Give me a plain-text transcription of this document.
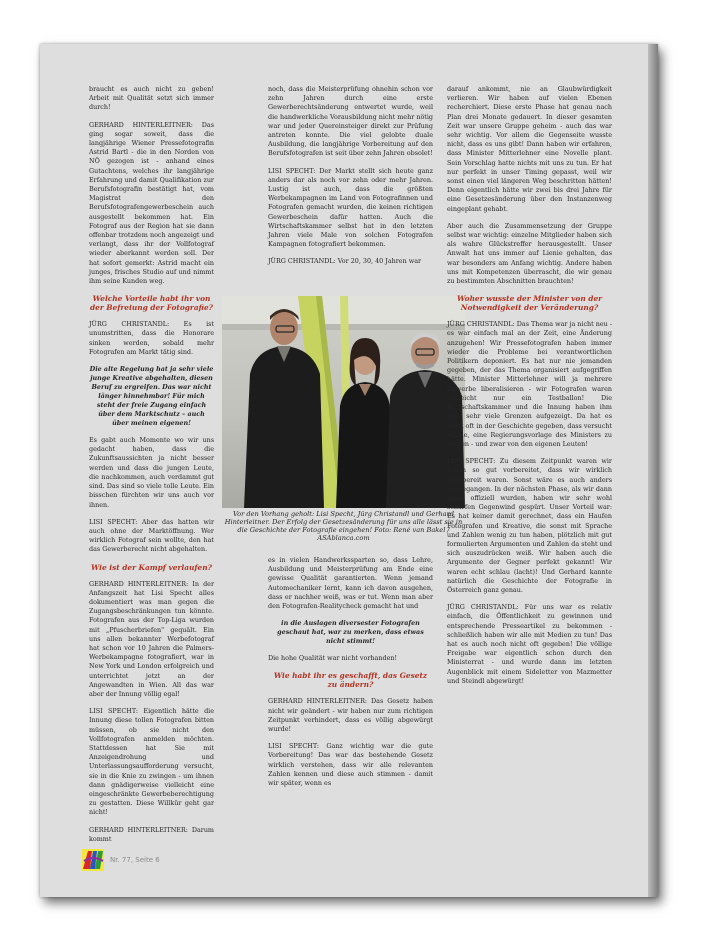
braucht es auch nicht zu geben! Arbeit mit Qualität setzt sich immer durch!

GERHARD HINTERLEITNER: Das ging sogar soweit, dass die langjährige Wiener Pressefotografin Astrid Bartl - die in den Norden von NÖ gezogen ist - anhand eines Gutachtens, welches ihr langjährige Erfahrung und damit Qualifikation zur Berufsfotografin bestätigt hat, vom Magistrat den Berufsfotografengewerbeschein auch ausgestellt bekommen hat. Ein Fotograf aus der Region hat sie dann offenbar trotzdem noch angezeigt und verlangt, dass ihr der Vollfotograf wieder aberkannt werden soll. Der hat sofort gemerkt: Astrid macht ein junges, frisches Studio auf und nimmt ihm seine Kunden weg.

Welche Vorteile habt ihr von der Befreiung der Fotografie?

JÜRG CHRISTANDL: Es ist unumstritten, dass die Honorare sinken werden, sobald mehr Fotografen am Markt tätig sind.

Die alte Regelung hat ja sehr viele junge Kreative abgehalten, diesen Beruf zu ergreifen. Das war nicht länger hinnehmbar! Für mich steht der freie Zugang einfach über dem Marktschutz – auch über meinen eigenen!

Es gabt auch Momente wo wir uns gedacht haben, dass die Zukunftsaussichten ja nicht besser werden und dass die jungen Leute, die nachkommen, auch verdammt gut sind. Das sind so viele tolle Leute. Ein bisschen fürchten wir uns auch vor ihnen.

LISI SPECHT: Aber das hatten wir auch ohne der Marktöffnung. Wer wirklich Fotograf sein wollte, den hat das Gewerberecht nicht abgehalten.

Wie ist der Kampf verlaufen?

GERHARD HINTERLEITNER: In der Anfangszeit hat Lisi Specht alles dokumentiert was man gegen die Zugangsbeschränkungen tun könnte. Fotografen aus der Top-Liga wurden mit „Pfuscherbriefen" gequält. Ein uns allen bekannter Werbefotograf hat schon vor 10 Jahren die Palmers-Werbekampagne fotografiert, war in New York und London erfolgreich und unterrichtet jetzt an der Angewandten in Wien. All das war aber der Innung völlig egal!

LISI SPECHT: Eigentlich hätte die Innung diese tollen Fotografen bitten müssen, ob sie nicht den Vollfotografen anmelden möchten. Stattdessen hat Sie mit Anzeigendrohung und Unterlassungsaufforderung versucht, sie in die Knie zu zwingen - um ihnen dann gnädigerweise vielleicht eine eingeschränkte Gewerbeberechtigung zu gestatten. Diese Willkür geht gar nicht!

GERHARD HINTERLEITNER: Darum kommt

noch, dass die Meisterprüfung ohnehin schon vor zehn Jahren durch eine erste Gewerberechtsänderung entwertet wurde, weil die handwerkliche Vorausbildung nicht mehr nötig war und jeder Quereinsteiger direkt zur Prüfung antreten konnte. Die viel gelobte duale Ausbildung, die langjährige Vorbereitung auf den Berufsfotografen ist seit über zehn Jahren obsolet!

LISI SPECHT: Der Markt stellt sich heute ganz anders dar als noch vor zehn oder mehr Jahren. Lustig ist auch, dass die größten Werbekampagnen im Land von Fotografinnen und Fotografen gemacht wurden, die keinen richtigen Gewerbeschein dafür hatten. Auch die Wirtschaftskammer selbst hat in den letzten Jahren viele Male von solchen Fotografen Kampagnen fotografiert bekommen.

JÜRG CHRISTANDL: Vor 20, 30, 40 Jahren war

Vor den Vorhang geholt: Lisi Specht, Jürg Christandl und Gerhard Hinterleitner. Der Erfolg der Gesetzesänderung für uns alle lässt sie in die Geschichte der Fotografie eingehen! Foto: René van Bakel / ASAblanca.com

es in vielen Handwerkssparten so, dass Lehre, Ausbildung und Meisterprüfung am Ende eine gewisse Qualität garantierten. Wenn jemand Automechaniker lernt, kann ich davon ausgehen, dass er nachher weiß, was er tut. Wenn man aber den Fotografen-Realitycheck gemacht hat und

in die Auslagen diversester Fotografen geschaut hat, war zu merken, dass etwas nicht stimmt!

Die hohe Qualität war nicht vorhanden!

Wie habt ihr es geschafft, das Gesetz zu ändern?

GERHARD HINTERLEITNER: Das Gesetz haben nicht wir geändert - wir haben nur zum richtigen Zeitpunkt verhindert, dass es völlig abgewürgt wurde!

LISI SPECHT: Ganz wichtig war die gute Vorbereitung! Das war das bestehende Gesetz wirklich verstehen, dass wir alle relevanten Zahlen kennen und diese auch stimmen - damit wir später, wenn es

darauf ankommt, nie an Glaubwürdigkeit verlieren. Wir haben auf vielen Ebenen recherchiert. Diese erste Phase hat genau nach Plan drei Monate gedauert. In dieser gesamten Zeit war unsere Gruppe geheim - auch das war sehr wichtig. Vor allem die Gegenseite wusste nicht, dass es uns gibt! Dann haben wir erfahren, dass Minister Mitterlehner eine Novelle plant. Sein Vorschlag hatte nichts mit uns zu tun. Er hat nur perfekt in unser Timing gepasst, weil wir sonst einen viel längeren Weg beschritten hätten! Denn eigentlich hätte wir zwei bis drei Jahre für eine Gesetzesänderung über den Instanzenweg eingeplant gehabt.

Aber auch die Zusammensetzung der Gruppe selbst war wichtig: einzelne Mitglieder haben sich als wahre Glückstreffer herausgestellt. Unser Anwalt hat uns immer auf Lienie gehalten, das war besonders am Anfang wichtig. Andere haben uns mit Kompetenzen überrascht, die wir genau zu bestimmten Abschnitten brauchten!

Woher wusste der Minister von der Notwendigkeit der Veränderung?

JÜRG CHRISTANDL: Das Thema war ja nicht neu - es war einfach mal an der Zeit, eine Änderung anzugehen! Wir Pressefotografen haben immer wieder die Probleme bei verantwortlichen Politikern deponiert. Es hat nur nie jemanden gegeben, der das Thema organisiert aufgegriffen hätte. Minister Mitterlehner will ja mehrere Gewerbe liberalisieren - wir Fotografen waren vielleicht nur ein Testballon! Die Wirtschaftskammer und die Innung haben ihm aber sehr viele Grenzen aufgezeigt. Da hat es nicht oft in der Geschichte gegeben, dass versucht wurde, eine Regierungsvorlage des Ministers zu kippen - und zwar von den eigenen Leuten!

LISI SPECHT: Zu diesem Zeitpunkt waren wir schon so gut vorbereitet, dass wir wirklich startbereit waren. Sonst wäre es auch anders ausgegangen. In der nächsten Phase, als wir dann quasi offiziell wurden, haben wir sehr wohl scharfen Gegenwind gespürt. Unser Vorteil war: Es hat keiner damit gerechnet, dass ein Haufen Fotografen und Kreative, die sonst mit Sprache und Zahlen wenig zu tun haben, plötzlich mit gut formulierten Argumenten und Zahlen da steht und sich auszudrücken weiß. Wir haben auch die Argumente der Gegner perfekt gekannt! Wir waren echt schlau (lacht)! Und Gerhard kannte natürlich die Geschichte der Fotografie in Österreich ganz genau.

JÜRG CHRISTANDL: Für uns war es relativ einfach, die Öffentlichkeit zu gewinnen und entsprechende Presseartikel zu bekommen - schließlich haben wir alle mit Medien zu tun! Das hat es auch noch nicht oft gegeben! Die völlige Freigabe war eigentlich schon durch den Ministerrat - und wurde dann im letzten Augenblick mit einem Sideletter von Mazmetter und Steindl abgewürgt!

Nr. 77, Seite 6
